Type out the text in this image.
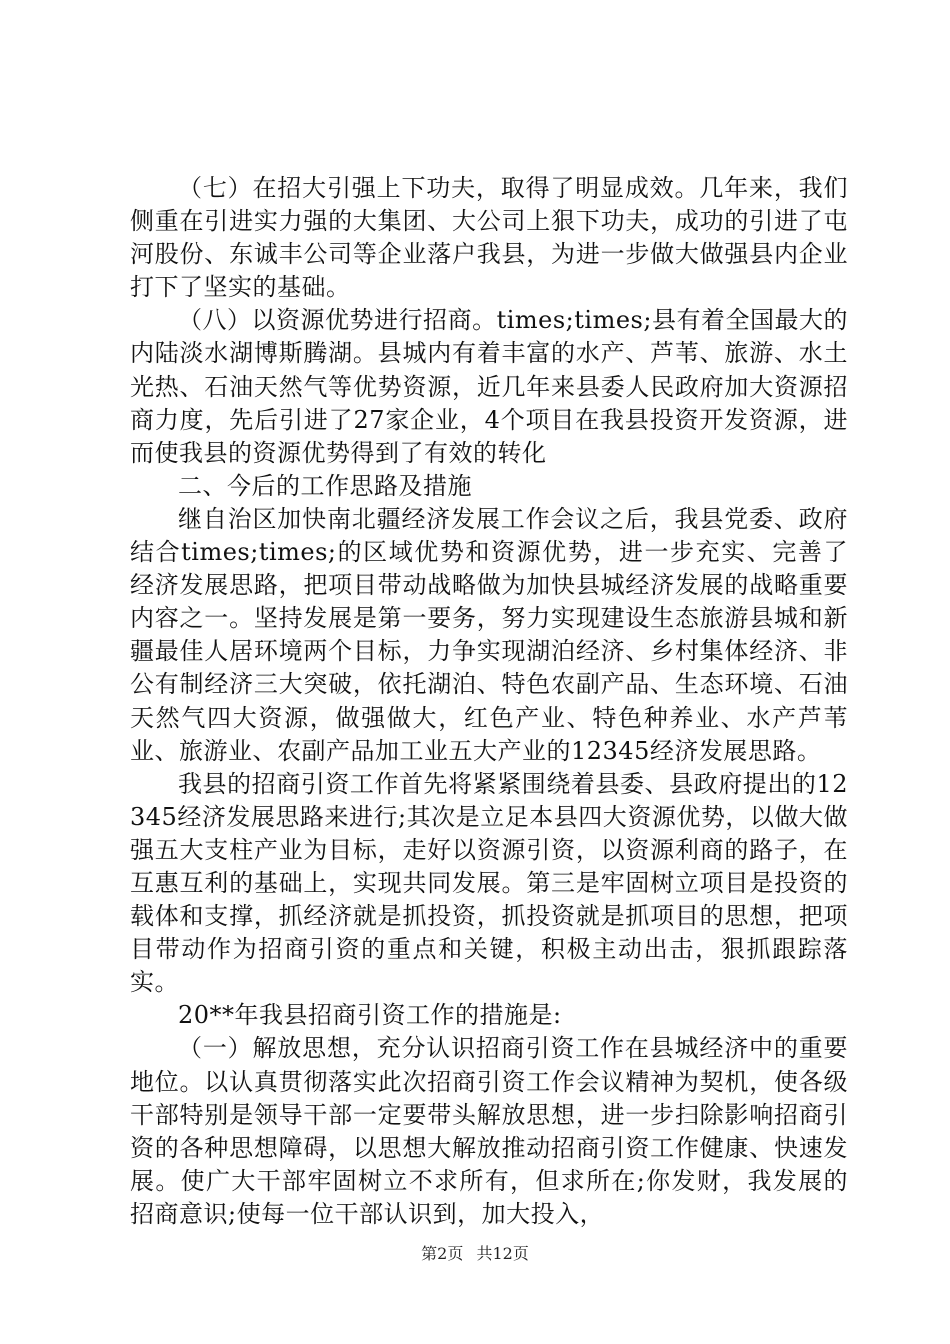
（七）在招大引强上下功夫，取得了明显成效。几年来，我们侧重在引进实力强的大集团、大公司上狠下功夫，成功的引进了屯河股份、东诚丰公司等企业落户我县，为进一步做大做强县内企业打下了坚实的基础。

（八）以资源优势进行招商。times;times;县有着全国最大的内陆淡水湖博斯腾湖。县城内有着丰富的水产、芦苇、旅游、水土光热、石油天然气等优势资源，近几年来县委人民政府加大资源招商力度，先后引进了27家企业，4个项目在我县投资开发资源，进而使我县的资源优势得到了有效的转化

二、今后的工作思路及措施

继自治区加快南北疆经济发展工作会议之后，我县党委、政府结合times;times;的区域优势和资源优势，进一步充实、完善了经济发展思路，把项目带动战略做为加快县城经济发展的战略重要内容之一。坚持发展是第一要务，努力实现建设生态旅游县城和新疆最佳人居环境两个目标，力争实现湖泊经济、乡村集体经济、非公有制经济三大突破，依托湖泊、特色农副产品、生态环境、石油天然气四大资源，做强做大，红色产业、特色种养业、水产芦苇业、旅游业、农副产品加工业五大产业的12345经济发展思路。

我县的招商引资工作首先将紧紧围绕着县委、县政府提出的12345经济发展思路来进行;其次是立足本县四大资源优势，以做大做强五大支柱产业为目标，走好以资源引资，以资源利商的路子，在互惠互利的基础上，实现共同发展。第三是牢固树立项目是投资的载体和支撑，抓经济就是抓投资，抓投资就是抓项目的思想，把项目带动作为招商引资的重点和关键，积极主动出击，狠抓跟踪落实。

20**年我县招商引资工作的措施是:

（一）解放思想，充分认识招商引资工作在县城经济中的重要地位。以认真贯彻落实此次招商引资工作会议精神为契机，使各级干部特别是领导干部一定要带头解放思想，进一步扫除影响招商引资的各种思想障碍，以思想大解放推动招商引资工作健康、快速发展。使广大干部牢固树立不求所有，但求所在;你发财，我发展的招商意识;使每一位干部认识到，加大投入，

第2页 共12页
